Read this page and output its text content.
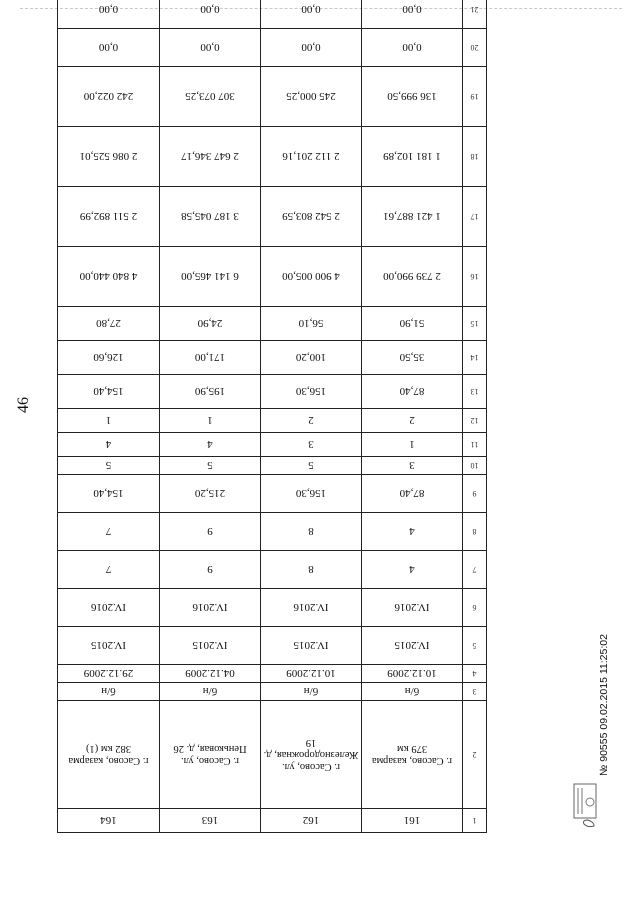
46
1	161	162	163	164
2	г. Сасово, казарма 379 км	г. Сасово, ул. Железнодорожная, д. 19	г. Сасово, ул. Пеньковая, д. 26	г. Сасово, казарма 382 км (1)
3	б/н	б/н	б/н	б/н
4	10.12.2009	10.12.2009	04.12.2009	29.12.2009
5	IV.2015	IV.2015	IV.2015	IV.2015
6	IV.2016	IV.2016	IV.2016	IV.2016
7	4	8	9	7
8	4	8	9	7
9	87,40	156,30	215,20	154,40
10	3	5	5	5
11	1	3	4	4
12	2	2	1	1
13	87,40	156,30	195,90	154,40
14	35,50	100,20	171,00	126,60
15	51,90	56,10	24,90	27,80
16	2 739 990,00	4 900 005,00	6 141 465,00	4 840 440,00
17	1 421 887,61	2 542 803,59	3 187 045,58	2 511 892,99
18	1 181 102,89	2 112 201,16	2 647 346,17	2 086 525,01
19	136 999,50	245 000,25	307 073,25	242 022,00
20	0,00	0,00	0,00	0,00
21	0,00	0,00	0,00	0,00
№ 90555 09.02.2015 11:25:02
